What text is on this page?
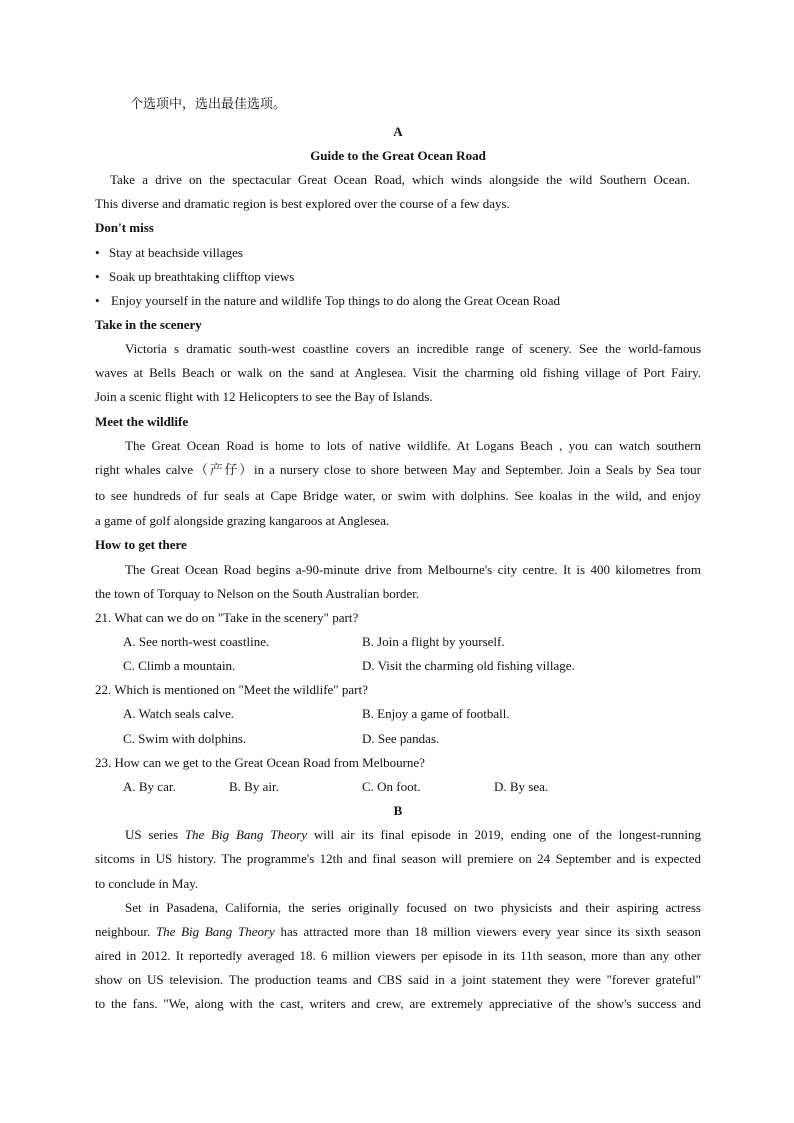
个选项中，选出最佳选项。

A

Guide to the Great Ocean Road

Take a drive on the spectacular Great Ocean Road, which winds alongside the wild Southern Ocean.

This diverse and dramatic region is best explored over the course of a few days.

Don't miss

• Stay at beachside villages

• Soak up breathtaking clifftop views

• Enjoy yourself in the nature and wildlife Top things to do along the Great Ocean Road

Take in the scenery

Victoria s dramatic south-west coastline covers an incredible range of scenery. See the world-famous

waves at Bells Beach or walk on the sand at Anglesea. Visit the charming old fishing village of Port Fairy.

Join a scenic flight with 12 Helicopters to see the Bay of Islands.

Meet the wildlife

The Great Ocean Road is home to lots of native wildlife. At Logans Beach , you can watch southern

right whales calve（产仔）in a nursery close to shore between May and September. Join a Seals by Sea tour

to see hundreds of fur seals at Cape Bridge water, or swim with dolphins. See koalas in the wild, and enjoy

a game of golf alongside grazing kangaroos at Anglesea.

How to get there

The Great Ocean Road begins a-90-minute drive from Melbourne's city centre. It is 400 kilometres from

the town of Torquay to Nelson on the South Australian border.

21. What can we do on "Take in the scenery" part?

A. See north-west coastline.	B. Join a flight by yourself.

C. Climb a mountain.	D. Visit the charming old fishing village.

22. Which is mentioned on "Meet the wildlife" part?

A. Watch seals calve.	B. Enjoy a game of football.

C. Swim with dolphins.	D. See pandas.

23. How can we get to the Great Ocean Road from Melbourne?

A. By car.	B. By air.	C. On foot.	D. By sea.

B

US series The Big Bang Theory will air its final episode in 2019, ending one of the longest-running

sitcoms in US history. The programme's 12th and final season will premiere on 24 September and is expected

to conclude in May.

Set in Pasadena, California, the series originally focused on two physicists and their aspiring actress

neighbour. The Big Bang Theory has attracted more than 18 million viewers every year since its sixth season

aired in 2012. It reportedly averaged 18. 6 million viewers per episode in its 11th season, more than any other

show on US television. The production teams and CBS said in a joint statement they were "forever grateful"

to the fans. "We, along with the cast, writers and crew, are extremely appreciative of the show's success and
